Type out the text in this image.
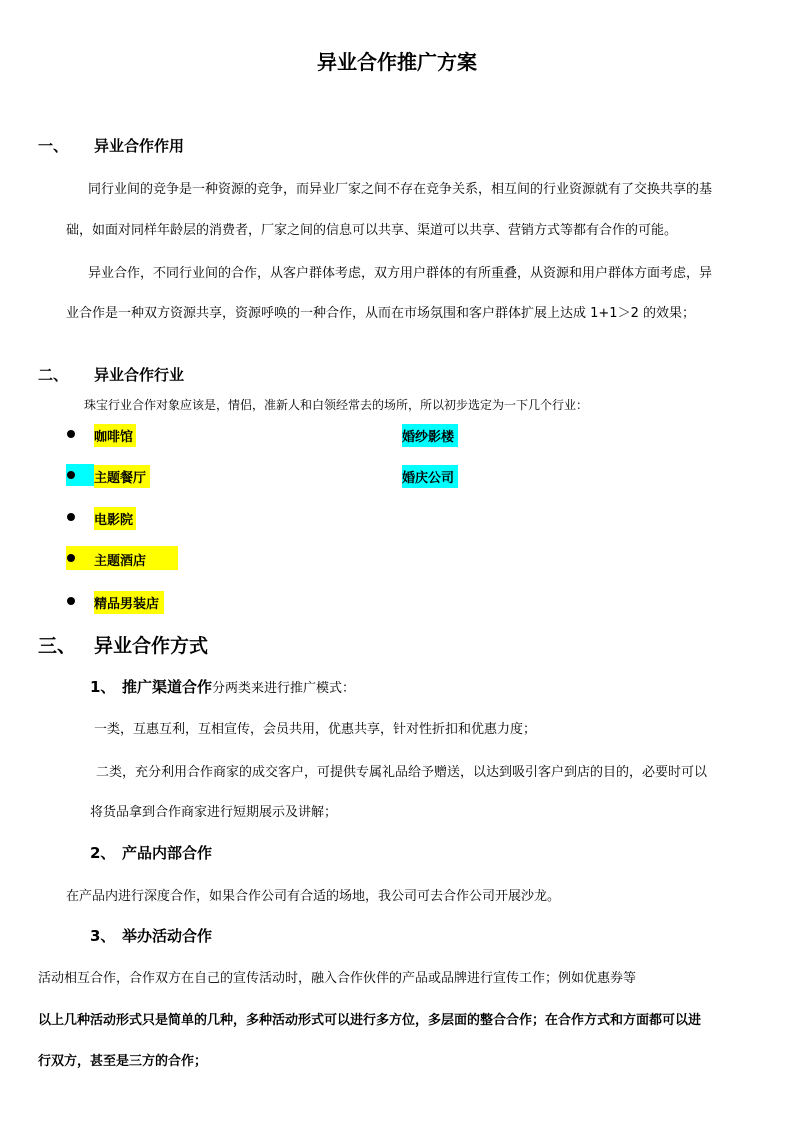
异业合作推广方案
一、 异业合作作用
同行业间的竞争是一种资源的竞争，而异业厂家之间不存在竞争关系，相互间的行业资源就有了交换共享的基
础，如面对同样年龄层的消费者，厂家之间的信息可以共享、渠道可以共享、营销方式等都有合作的可能。
异业合作，不同行业间的合作，从客户群体考虑，双方用户群体的有所重叠，从资源和用户群体方面考虑，异
业合作是一种双方资源共享，资源呼唤的一种合作，从而在市场氛围和客户群体扩展上达成 1+1＞2 的效果；
二、 异业合作行业
珠宝行业合作对象应该是，情侣，准新人和白领经常去的场所，所以初步选定为一下几个行业：
咖啡馆
主题餐厅
电影院
主题酒店
精品男装店
婚纱影楼
婚庆公司
三、 异业合作方式
1、 推广渠道合作分两类来进行推广模式：
一类，互惠互利，互相宣传，会员共用，优惠共享，针对性折扣和优惠力度；
二类，充分利用合作商家的成交客户，可提供专属礼品给予赠送，以达到吸引客户到店的目的，必要时可以
将货品拿到合作商家进行短期展示及讲解；
2、 产品内部合作
在产品内进行深度合作，如果合作公司有合适的场地，我公司可去合作公司开展沙龙。
3、 举办活动合作
活动相互合作，合作双方在自己的宣传活动时，融入合作伙伴的产品或品牌进行宣传工作；例如优惠券等
以上几种活动形式只是简单的几种，多种活动形式可以进行多方位，多层面的整合合作；在合作方式和方面都可以进
行双方，甚至是三方的合作；
